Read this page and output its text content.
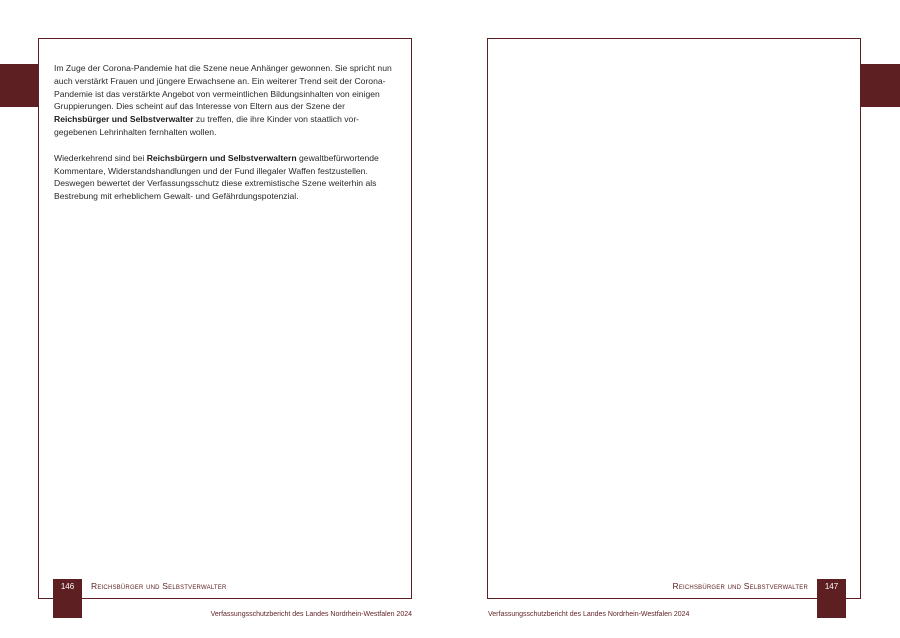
Im Zuge der Corona-Pandemie hat die Szene neue Anhänger gewonnen. Sie spricht nun auch verstärkt Frauen und jüngere Erwachsene an. Ein weiterer Trend seit der Corona-Pandemie ist das verstärkte Angebot von vermeintlichen Bildungsinhalten von einigen Gruppierungen. Dies scheint auf das Interesse von Eltern aus der Szene der Reichsbürger und Selbstverwalter zu treffen, die ihre Kinder von staatlich vor-gegebenen Lehrinhalten fernhalten wollen.

Wiederkehrend sind bei Reichsbürgern und Selbstverwaltern gewaltbefürwortende Kommentare, Widerstandshandlungen und der Fund illegaler Waffen festzustellen. Deswegen bewertet der Verfassungsschutz diese extremistische Szene weiterhin als Bestrebung mit erheblichem Gewalt- und Gefährdungspotenzial.

146	Reichsbürger und Selbstverwalter
Verfassungsschutzbericht des Landes Nordrhein-Westfalen 2024
147
Reichsbürger und Selbstverwalter
Verfassungsschutzbericht des Landes Nordrhein-Westfalen 2024
